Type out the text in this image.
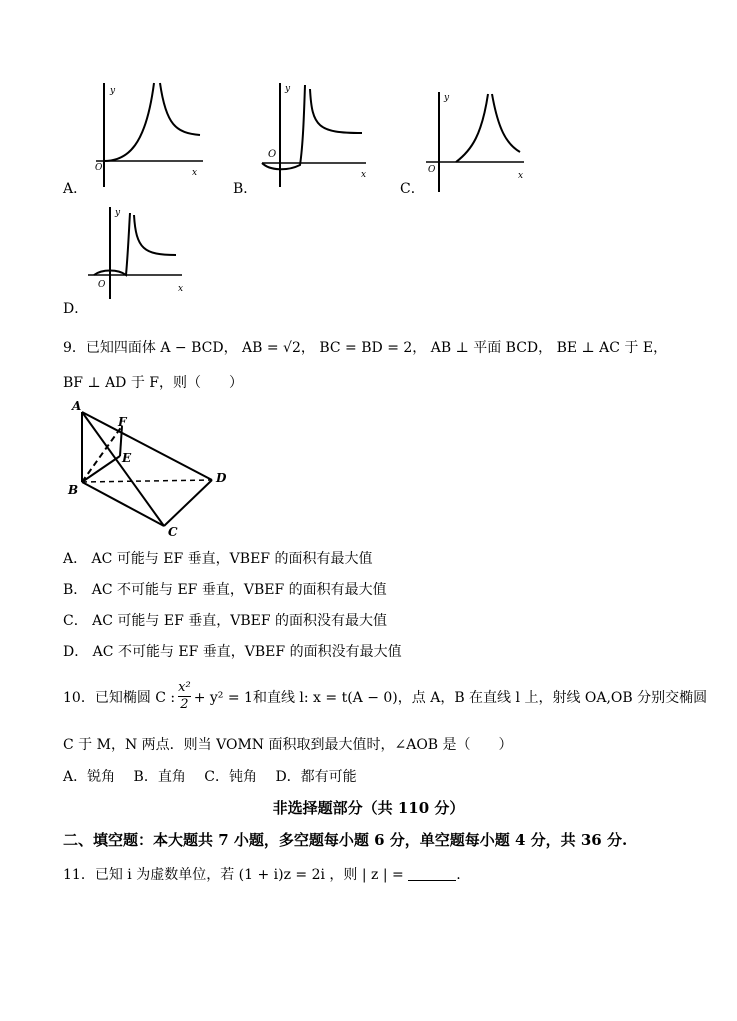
A．
y
O	x
B．
y
O
x
C．
y
O
x
D．
y
O	x
9．已知四面体 A − BCD， AB = √2， BC = BD = 2， AB ⊥ 平面 BCD， BE ⊥ AC 于 E，
BF ⊥ AD 于 F，则（　　）
A
B
C
D
E
F
A． AC 可能与 EF 垂直，VBEF 的面积有最大值
B． AC 不可能与 EF 垂直，VBEF 的面积有最大值
C． AC 可能与 EF 垂直，VBEF 的面积没有最大值
D． AC 不可能与 EF 垂直，VBEF 的面积没有最大值
10．已知椭圆 C : $\frac{\text{x²}}{2} + y^2 = 1$和直线 l: x = t(A − 0)，点 A，B 在直线 l 上，射线 OA,OB 分别交椭圆
C 于 M，N 两点．则当 VOMN 面积取到最大值时，∠AOB 是（　　）
A．锐角　 B．直角　 C．钝角　 D．都有可能
非选择题部分（共 110 分）
二、填空题：本大题共 7 小题，多空题每小题 6 分，单空题每小题 4 分，共 36 分.
11．已知 i 为虚数单位，若 (1 + i)z = 2i ，则 | z | =	.
